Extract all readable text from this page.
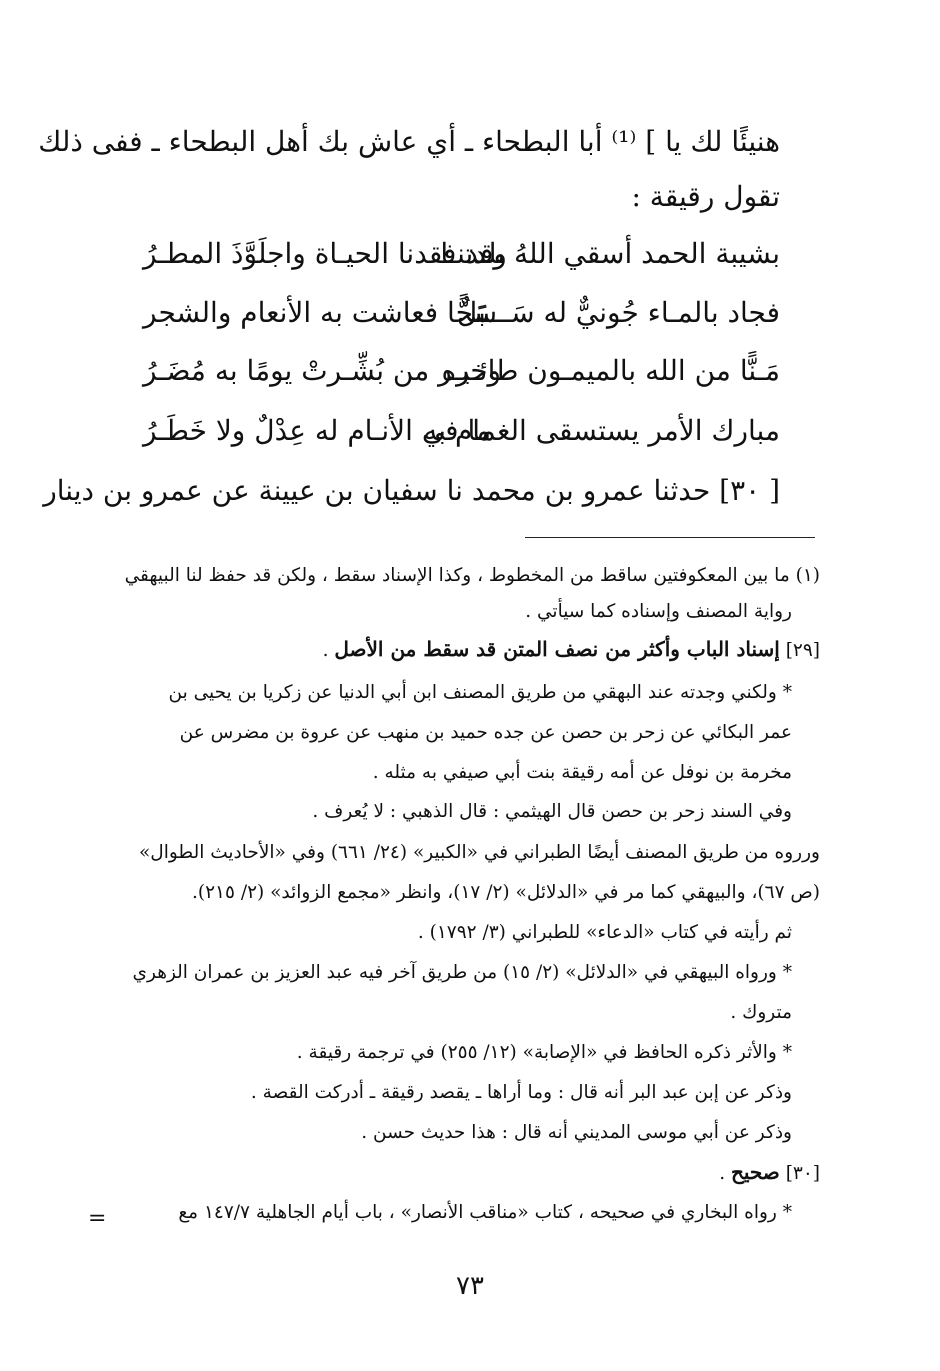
هنيئًا لك يا ] ⁽¹⁾ أبا البطحاء ـ أي عاش بك أهل البطحاء ـ ففى ذلك
تقول رقيقة :
بشيبة الحمد أسقي اللهُ بلدتنـا
وقد فقدنا الحيـاة واجلَوَّذَ المطـرُ
فجاد بالمـاء جُونيٌّ له سَـــبَلٌ
سَحًّا فعاشت به الأنعام والشجر
مَـنًّا من الله بالميمـون طائـره
وخيـر من بُشِّـرتْ يومًا به مُضَـرُ
مبارك الأمر يستسقى الغمام به
ما في الأنـام له عِدْلٌ ولا خَطَـرُ
[ ٣٠] حدثنا عمرو بن محمد نا سفيان بن عيينة عن عمرو بن دينار
(١) ما بين المعكوفتين ساقط من المخطوط ، وكذا الإسناد سقط ، ولكن قد حفظ لنا البيهقي
رواية المصنف وإسناده كما سيأتي .
[٢٩] إسناد الباب وأكثر من نصف المتن قد سقط من الأصل .
* ولكني وجدته عند البهقي من طريق المصنف ابن أبي الدنيا عن زكريا بن يحيى بن
عمر البكائي عن زحر بن حصن عن جده حميد بن منهب عن عروة بن مضرس عن
مخرمة بن نوفل عن أمه رقيقة بنت أبي صيفي به مثله .
وفي السند زحر بن حصن قال الهيثمي : قال الذهبي : لا يُعرف .
ورروه من طريق المصنف أيضًا الطبراني في «الكبير» (٢٤/ ٦٦١) وفي «الأحاديث الطوال»
(ص ٦٧)، والبيهقي كما مر في «الدلائل» (٢/ ١٧)، وانظر «مجمع الزوائد» (٢/ ٢١٥).
ثم رأيته في كتاب «الدعاء» للطبراني (٣/ ١٧٩٢) .
* ورواه البيهقي في «الدلائل» (٢/ ١٥) من طريق آخر فيه عبد العزيز بن عمران الزهري
متروك .
* والأثر ذكره الحافظ في «الإصابة» (١٢/ ٢٥٥) في ترجمة رقيقة .
وذكر عن إبن عبد البر أنه قال : وما أراها ـ يقصد رقيقة ـ أدركت القصة .
وذكر عن أبي موسى المديني أنه قال : هذا حديث حسن .
[٣٠] صحيح .
* رواه البخاري في صحيحه ، كتاب «مناقب الأنصار» ، باب أيام الجاهلية ١٤٧/٧ مع
=
٧٣
